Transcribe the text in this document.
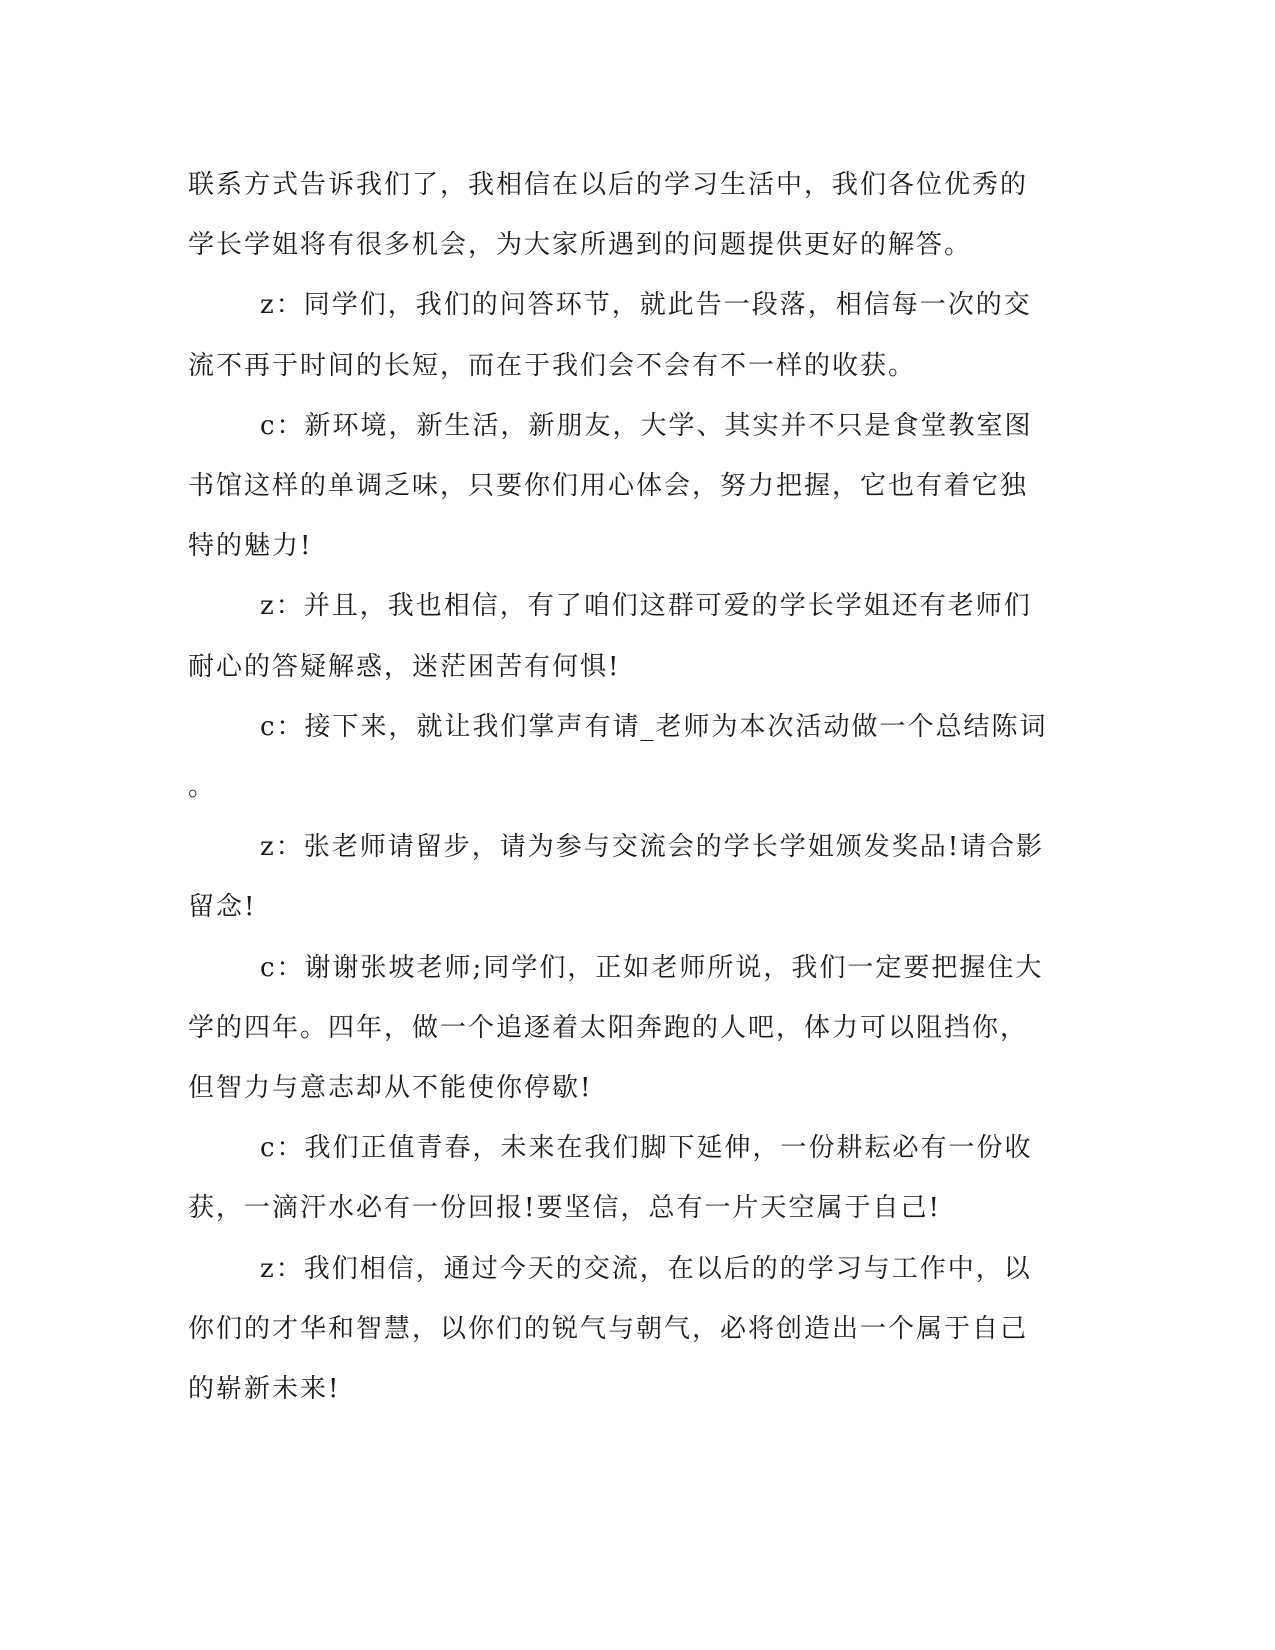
联系方式告诉我们了，我相信在以后的学习生活中，我们各位优秀的
学长学姐将有很多机会，为大家所遇到的问题提供更好的解答。

z：同学们，我们的问答环节，就此告一段落，相信每一次的交
流不再于时间的长短，而在于我们会不会有不一样的收获。

c：新环境，新生活，新朋友，大学、其实并不只是食堂教室图
书馆这样的单调乏味，只要你们用心体会，努力把握，它也有着它独
特的魅力!

z：并且，我也相信，有了咱们这群可爱的学长学姐还有老师们
耐心的答疑解惑，迷茫困苦有何惧!

c：接下来，就让我们掌声有请_老师为本次活动做一个总结陈词
。

z：张老师请留步，请为参与交流会的学长学姐颁发奖品!请合影
留念!

c：谢谢张坡老师;同学们，正如老师所说，我们一定要把握住大
学的四年。四年，做一个追逐着太阳奔跑的人吧，体力可以阻挡你，
但智力与意志却从不能使你停歇!

c：我们正值青春，未来在我们脚下延伸，一份耕耘必有一份收
获，一滴汗水必有一份回报!要坚信，总有一片天空属于自己!

z：我们相信，通过今天的交流，在以后的的学习与工作中，以
你们的才华和智慧，以你们的锐气与朝气，必将创造出一个属于自己
的崭新未来!
